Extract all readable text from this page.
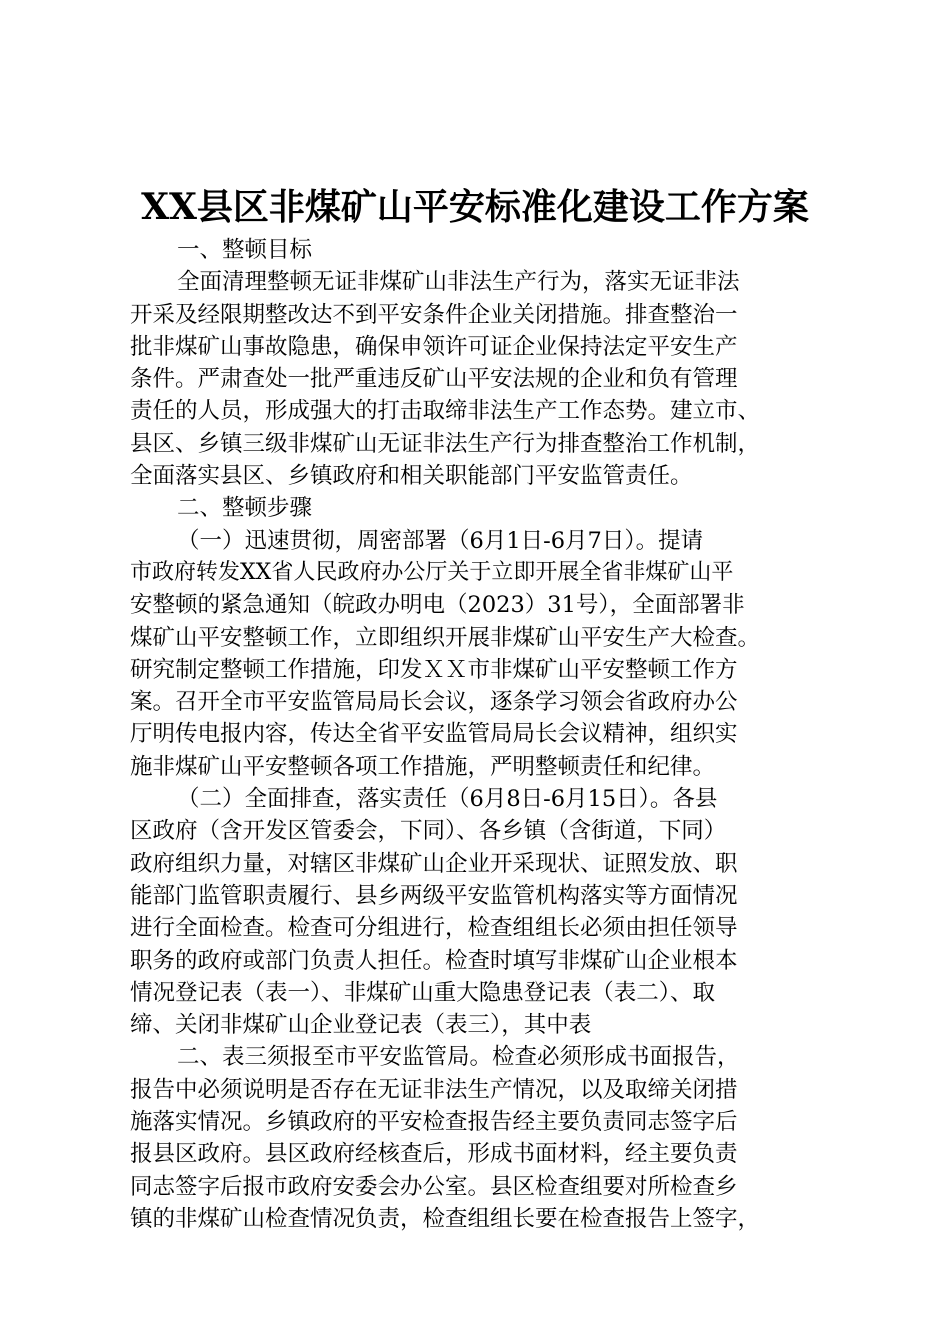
XX县区非煤矿山平安标准化建设工作方案
一、整顿目标
全面清理整顿无证非煤矿山非法生产行为，落实无证非法
开采及经限期整改达不到平安条件企业关闭措施。排查整治一
批非煤矿山事故隐患，确保申领许可证企业保持法定平安生产
条件。严肃查处一批严重违反矿山平安法规的企业和负有管理
责任的人员，形成强大的打击取缔非法生产工作态势。建立市、
县区、乡镇三级非煤矿山无证非法生产行为排查整治工作机制，
全面落实县区、乡镇政府和相关职能部门平安监管责任。
二、整顿步骤
（一）迅速贯彻，周密部署（6月1日-6月7日）。提请
市政府转发XX省人民政府办公厅关于立即开展全省非煤矿山平
安整顿的紧急通知（皖政办明电（2023）31号），全面部署非
煤矿山平安整顿工作，立即组织开展非煤矿山平安生产大检查。
研究制定整顿工作措施，印发ＸＸ市非煤矿山平安整顿工作方
案。召开全市平安监管局局长会议，逐条学习领会省政府办公
厅明传电报内容，传达全省平安监管局局长会议精神，组织实
施非煤矿山平安整顿各项工作措施，严明整顿责任和纪律。
（二）全面排查，落实责任（6月8日-6月15日）。各县
区政府（含开发区管委会，下同）、各乡镇（含街道，下同）
政府组织力量，对辖区非煤矿山企业开采现状、证照发放、职
能部门监管职责履行、县乡两级平安监管机构落实等方面情况
进行全面检查。检查可分组进行，检查组组长必须由担任领导
职务的政府或部门负责人担任。检查时填写非煤矿山企业根本
情况登记表（表一）、非煤矿山重大隐患登记表（表二）、取
缔、关闭非煤矿山企业登记表（表三），其中表
二、表三须报至市平安监管局。检查必须形成书面报告，
报告中必须说明是否存在无证非法生产情况，以及取缔关闭措
施落实情况。乡镇政府的平安检查报告经主要负责同志签字后
报县区政府。县区政府经核查后，形成书面材料，经主要负责
同志签字后报市政府安委会办公室。县区检查组要对所检查乡
镇的非煤矿山检查情况负责，检查组组长要在检查报告上签字，
